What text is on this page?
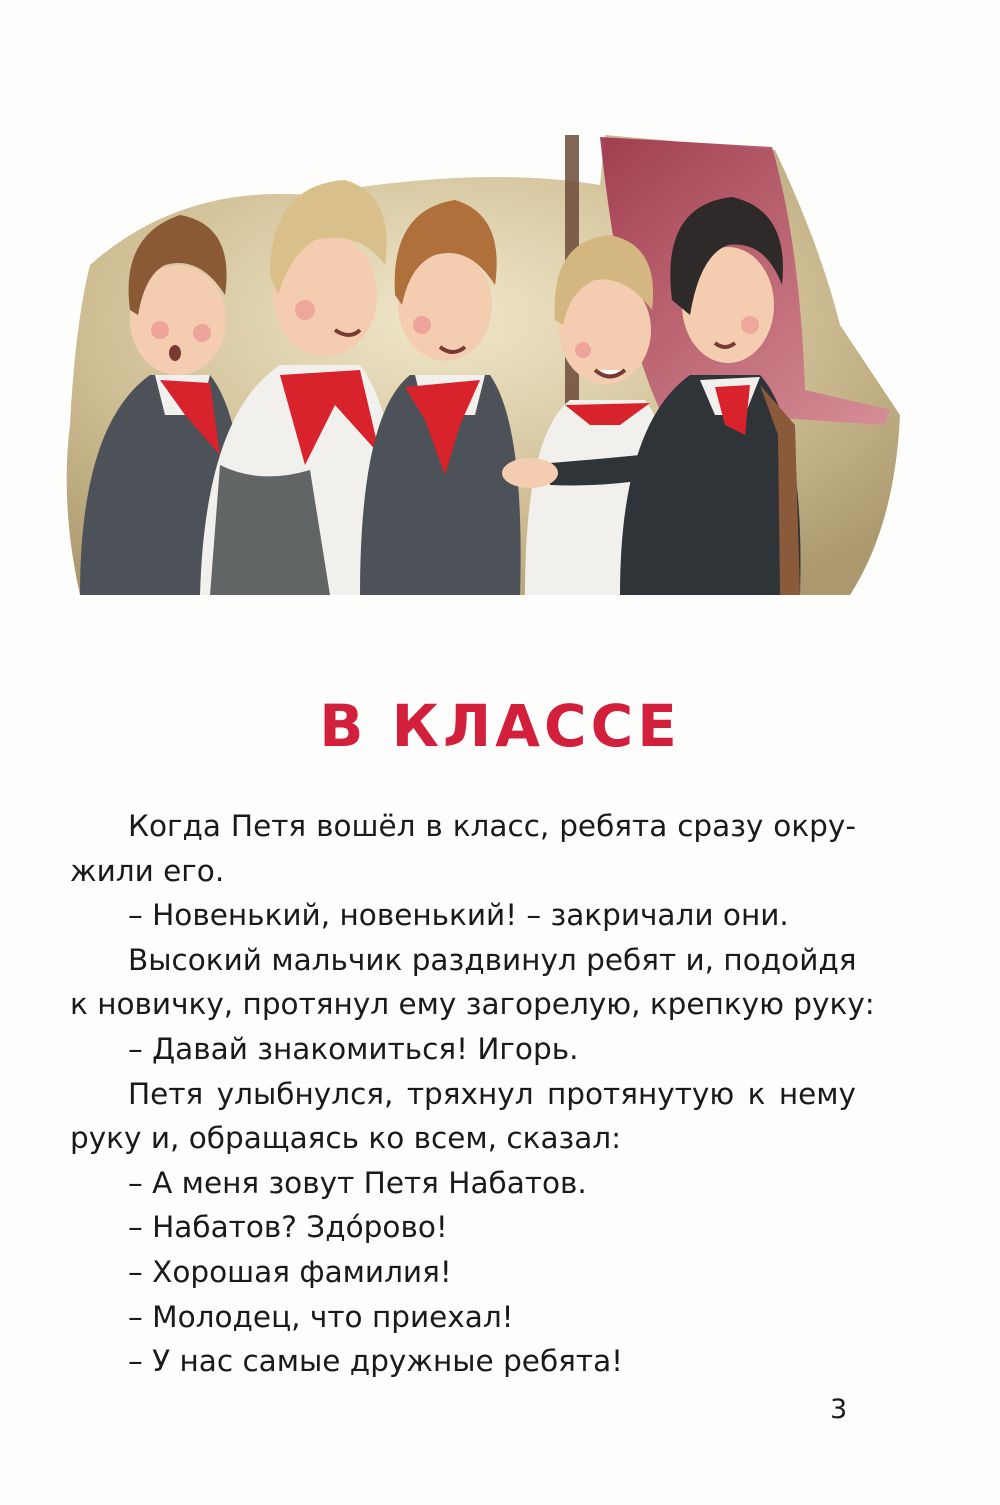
В КЛАССЕ
Когда Петя вошёл в класс, ребята сразу окру-
жили его.
– Новенький, новенький! – закричали они.
Высокий мальчик раздвинул ребят и, подойдя
к новичку, протянул ему загорелую, крепкую руку:
– Давай знакомиться! Игорь.
Петя улыбнулся, тряхнул протянутую к нему
руку и, обращаясь ко всем, сказал:
– А меня зовут Петя Набатов.
– Набатов? Здóрово!
– Хорошая фамилия!
– Молодец, что приехал!
– У нас самые дружные ребята!
3
